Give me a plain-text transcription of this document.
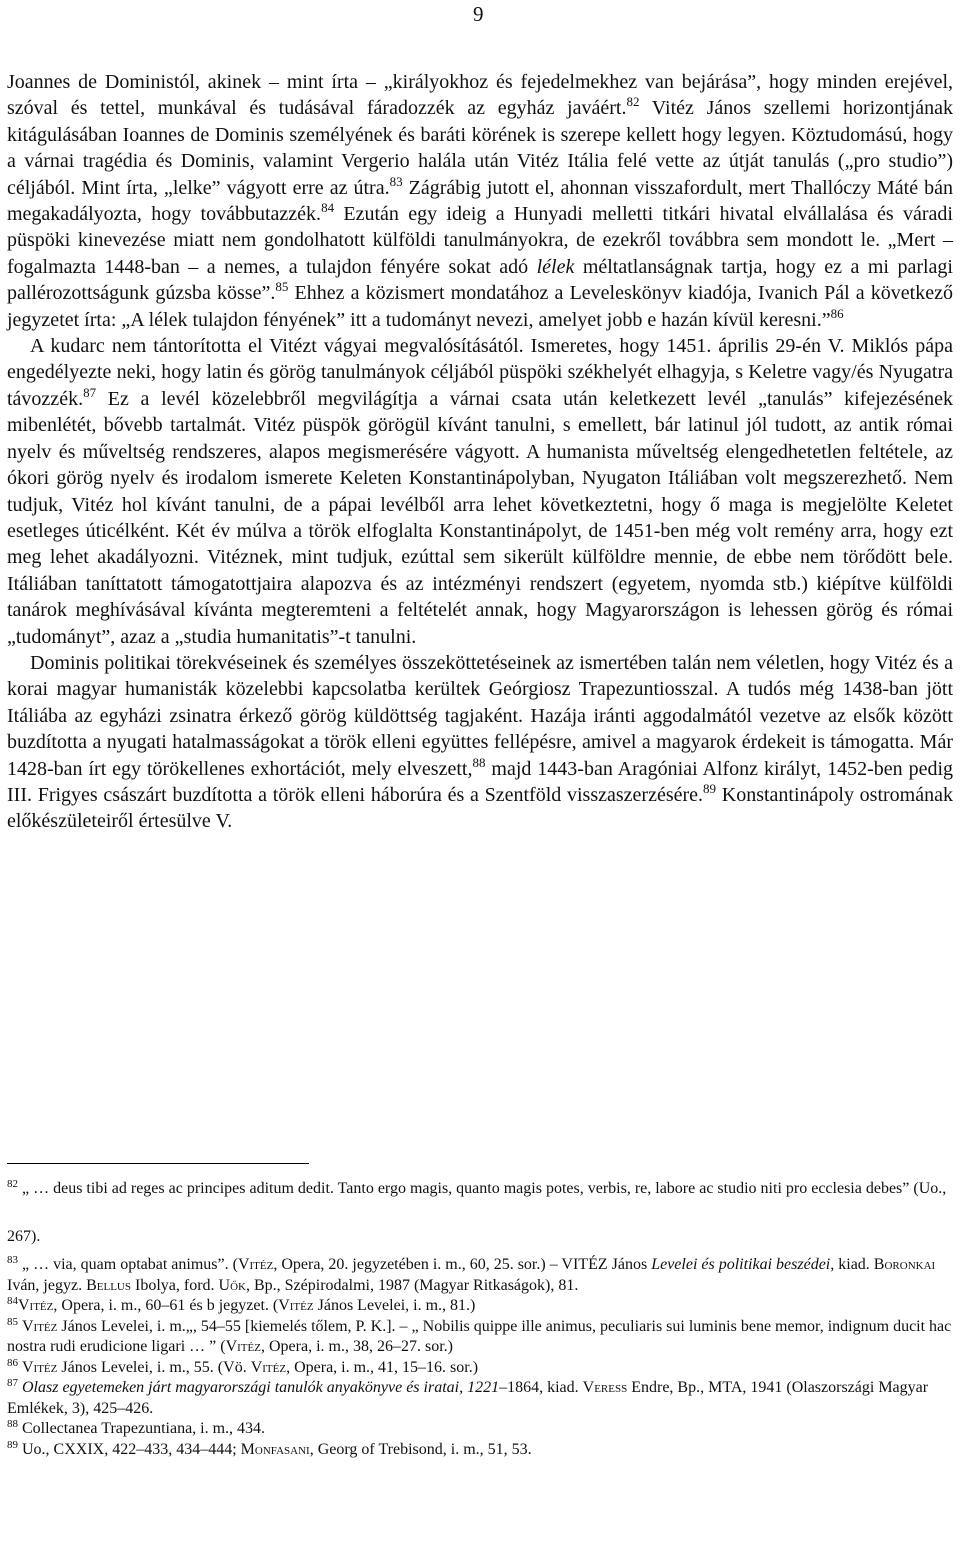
9

Joannes de Doministól, akinek – mint írta – „királyokhoz és fejedelmekhez van bejárása”, hogy minden erejével, szóval és tettel, munkával és tudásával fáradozzék az egyház javáért.$^{82}$ Vitéz János szellemi horizontjának kitágulásában Ioannes de Dominis személyének és baráti körének is szerepe kellett hogy legyen. Köztudomású, hogy a várnai tragédia és Dominis, valamint Vergerio halála után Vitéz Itália felé vette az útját tanulás („pro studio”) céljából. Mint írta, „lelke” vágyott erre az útra.$^{83}$ Zágrábig jutott el, ahonnan visszafordult, mert Thallóczy Máté bán megakadályozta, hogy továbbutazzék.$^{84}$ Ezután egy ideig a Hunyadi melletti titkári hivatal elvállalása és váradi püspöki kinevezése miatt nem gondolhatott külföldi tanulmányokra, de ezekről továbbra sem mondott le. „Mert – fogalmazta 1448-ban – a nemes, a tulajdon fényére sokat adó lélek méltatlanságnak tartja, hogy ez a mi parlagi pallérozottságunk gúzsba kösse”.$^{85}$ Ehhez a közismert mondatához a Leveleskönyv kiadója, Ivanich Pál a következő jegyzetet írta: „A lélek tulajdon fényének” itt a tudományt nevezi, amelyet jobb e hazán kívül keresni.”$^{86}$

A kudarc nem tántorította el Vitézt vágyai megvalósításától. Ismeretes, hogy 1451. április 29-én V. Miklós pápa engedélyezte neki, hogy latin és görög tanulmányok céljából püspöki székhelyét elhagyja, s Keletre vagy/és Nyugatra távozzék.$^{87}$ Ez a levél közelebbről megvilágítja a várnai csata után keletkezett levél „tanulás” kifejezésének mibenlétét, bővebb tartalmát. Vitéz püspök görögül kívánt tanulni, s emellett, bár latinul jól tudott, az antik római nyelv és műveltség rendszeres, alapos megismerésére vágyott. A humanista műveltség elengedhetetlen feltétele, az ókori görög nyelv és irodalom ismerete Keleten Konstantinápolyban, Nyugaton Itáliában volt megszerezhető. Nem tudjuk, Vitéz hol kívánt tanulni, de a pápai levélből arra lehet következtetni, hogy ő maga is megjelölte Keletet esetleges úticélként. Két év múlva a török elfoglalta Konstantinápolyt, de 1451-ben még volt remény arra, hogy ezt meg lehet akadályozni. Vitéznek, mint tudjuk, ezúttal sem sikerült külföldre mennie, de ebbe nem törődött bele. Itáliában taníttatott támogatottjaira alapozva és az intézményi rendszert (egyetem, nyomda stb.) kiépítve külföldi tanárok meghívásával kívánta megteremteni a feltételét annak, hogy Magyarországon is lehessen görög és római „tudományt”, azaz a „studia humanitatis”-t tanulni.

Dominis politikai törekvéseinek és személyes összeköttetéseinek az ismertében talán nem véletlen, hogy Vitéz és a korai magyar humanisták közelebbi kapcsolatba kerültek Geórgiosz Trapezuntiosszal. A tudós még 1438-ban jött Itáliába az egyházi zsinatra érkező görög küldöttség tagjaként. Hazája iránti aggodalmától vezetve az elsők között buzdította a nyugati hatalmasságokat a török elleni együttes fellépésre, amivel a magyarok érdekeit is támogatta. Már 1428-ban írt egy törökellenes exhortációt, mely elveszett,$^{88}$ majd 1443-ban Aragóniai Alfonz királyt, 1452-ben pedig III. Frigyes császárt buzdította a török elleni háborúra és a Szentföld visszaszerzésére.$^{89}$ Konstantinápoly ostromának előkészületeiről értesülve V.

$^{82}$ „ … deus tibi ad reges ac principes aditum dedit. Tanto ergo magis, quanto magis potes, verbis, re, labore ac studio niti pro ecclesia debes” (Uo., 267).

$^{83}$ „ … via, quam optabat animus”. (Vitéz, Opera, 20. jegyzetében i. m., 60, 25. sor.) – VITÉZ János Levelei és politikai beszédei, kiad. Boronkai Iván, jegyz. Bellus Ibolya, ford. Uők, Bp., Szépirodalmi, 1987 (Magyar Ritkaságok), 81.

$^{84}$Vitéz, Opera, i. m., 60–61 és b jegyzet. (Vitéz János Levelei, i. m., 81.)

$^{85}$ Vitéz János Levelei, i. m.„, 54–55 [kiemelés tőlem, P. K.]. – „ Nobilis quippe ille animus, peculiaris sui luminis bene memor, indignum ducit hac nostra rudi erudicione ligari … ” (Vitéz, Opera, i. m., 38, 26–27. sor.)

$^{86}$ Vitéz János Levelei, i. m., 55. (Vö. Vitéz, Opera, i. m., 41, 15–16. sor.)

$^{87}$ Olasz egyetemeken járt magyarországi tanulók anyakönyve és iratai, 1221–1864, kiad. Veress Endre, Bp., MTA, 1941 (Olaszországi Magyar Emlékek, 3), 425–426.

$^{88}$ Collectanea Trapezuntiana, i. m., 434.

$^{89}$ Uo., CXXIX, 422–433, 434–444; Monfasani, Georg of Trebisond, i. m., 51, 53.
